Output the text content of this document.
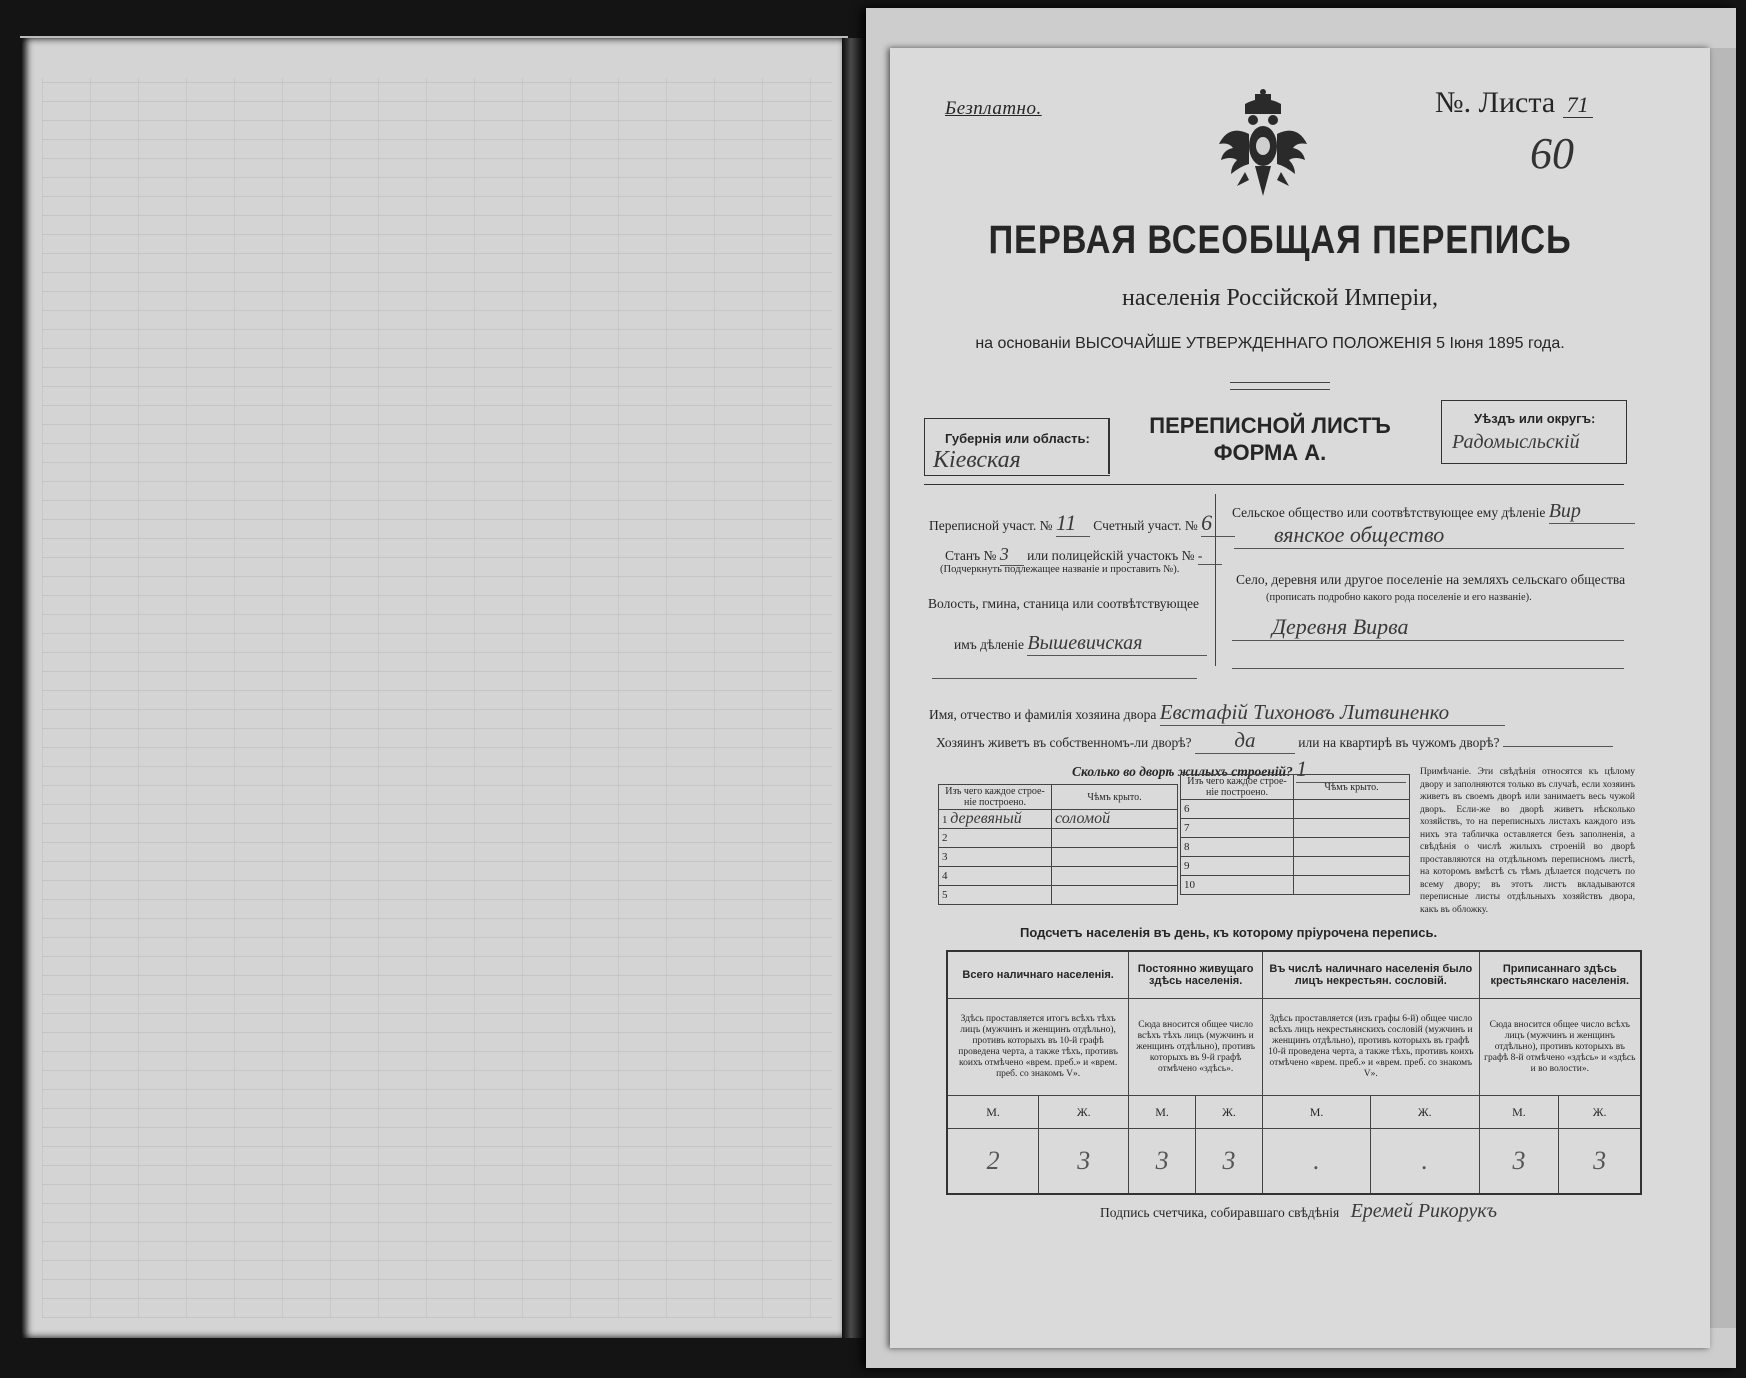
Безплатно.	№. Листа 71
60
ПЕРВАЯ ВСЕОБЩАЯ ПЕРЕПИСЬ
населенія Россійской Имперіи,
на основаніи ВЫСОЧАЙШЕ УТВЕРЖДЕННАГО ПОЛОЖЕНІЯ 5 Іюня 1895 года.
Губернія или область:
Кіевская
ПЕРЕПИСНОЙ ЛИСТЪ
ФОРМА А.
Уѣздъ или округъ:
Радомысльскій
Переписной участ. № 11 Счетный участ. № 6
Станъ № 3 или полицейскій участокъ № -
(Подчеркнуть подлежащее названіе и проставить №).
Волость, гмина, станица или соотвѣтствующее
имъ дѣленіе Вышевичская
Сельское общество или соотвѣтствующее ему дѣленіе Вир
вянское общество
Село, деревня или другое поселеніе на земляхъ сельскаго общества
(прописать подробно какого рода поселеніе и его названіе).
Деревня Вирва
Имя, отчество и фамилія хозяина двора Евстафій Тихоновъ Литвиненко
Хозяинъ живетъ въ собственномъ-ли дворѣ? да	или на квартирѣ въ чужомъ дворѣ?
Сколько во дворѣ жилыхъ строеній? 1
Изъ чего каждое строе-ніе построено.	Чѣмъ крыто.
1 деревяный	соломой
2	
3	
4	
5	
Изъ чего каждое строе-ніе построено.	Чѣмъ крыто.
6	
7	
8	
9	
10	
Примѣчаніе. Эти свѣдѣнія относятся къ цѣлому двору и заполняются только въ случаѣ, если хозяинъ живетъ въ своемъ дворѣ или занимаетъ весь чужой дворъ. Если-же во дворѣ живетъ нѣсколько хозяйствъ, то на переписныхъ листахъ каждого изъ нихъ эта табличка оставляется безъ заполненія, а свѣдѣнія о числѣ жилыхъ строеній во дворѣ проставляются на отдѣльномъ переписномъ листѣ, на которомъ вмѣстѣ съ тѣмъ дѣлается подсчетъ по всему двору; въ этотъ листъ вкладываются переписные листы отдѣльныхъ хозяйствъ двора, какъ въ обложку.
Подсчетъ населенія въ день, къ которому пріурочена перепись.
Всего наличнаго населенія.		Постоянно живущаго здѣсь населенія.		Въ числѣ наличнаго населенія было лицъ некрестьян. сословій.		Приписаннаго здѣсь крестьянскаго населенія.	
Здѣсь проставляется итогъ всѣхъ тѣхъ лицъ (мужчинъ и женщинъ отдѣльно), противъ которыхъ въ 10-й графѣ проведена черта, а также тѣхъ, противъ коихъ отмѣчено «врем. преб.» и «врем. преб. со знакомъ V».		Сюда вносится общее число всѣхъ тѣхъ лицъ (мужчинъ и женщинъ отдѣльно), противъ которыхъ въ 9-й графѣ отмѣчено «здѣсь».		Здѣсь проставляется (изъ графы 6-й) общее число всѣхъ лицъ некрестьянскихъ сословій (мужчинъ и женщинъ отдѣльно), противъ которыхъ въ графѣ 10-й проведена черта, а также тѣхъ, противъ коихъ отмѣчено «врем. преб.» и «врем. преб. со знакомъ V».		Сюда вносится общее число всѣхъ лицъ (мужчинъ и женщинъ отдѣльно), противъ которыхъ въ графѣ 8-й отмѣчено «здѣсь» и «здѣсь и во волости».	
М.	Ж.	М.	Ж.	М.	Ж.	М.	Ж.
2	3	3	3	.	.	3	3
Подпись счетчика, собиравшаго свѣдѣнія Еремей Рикорукъ
